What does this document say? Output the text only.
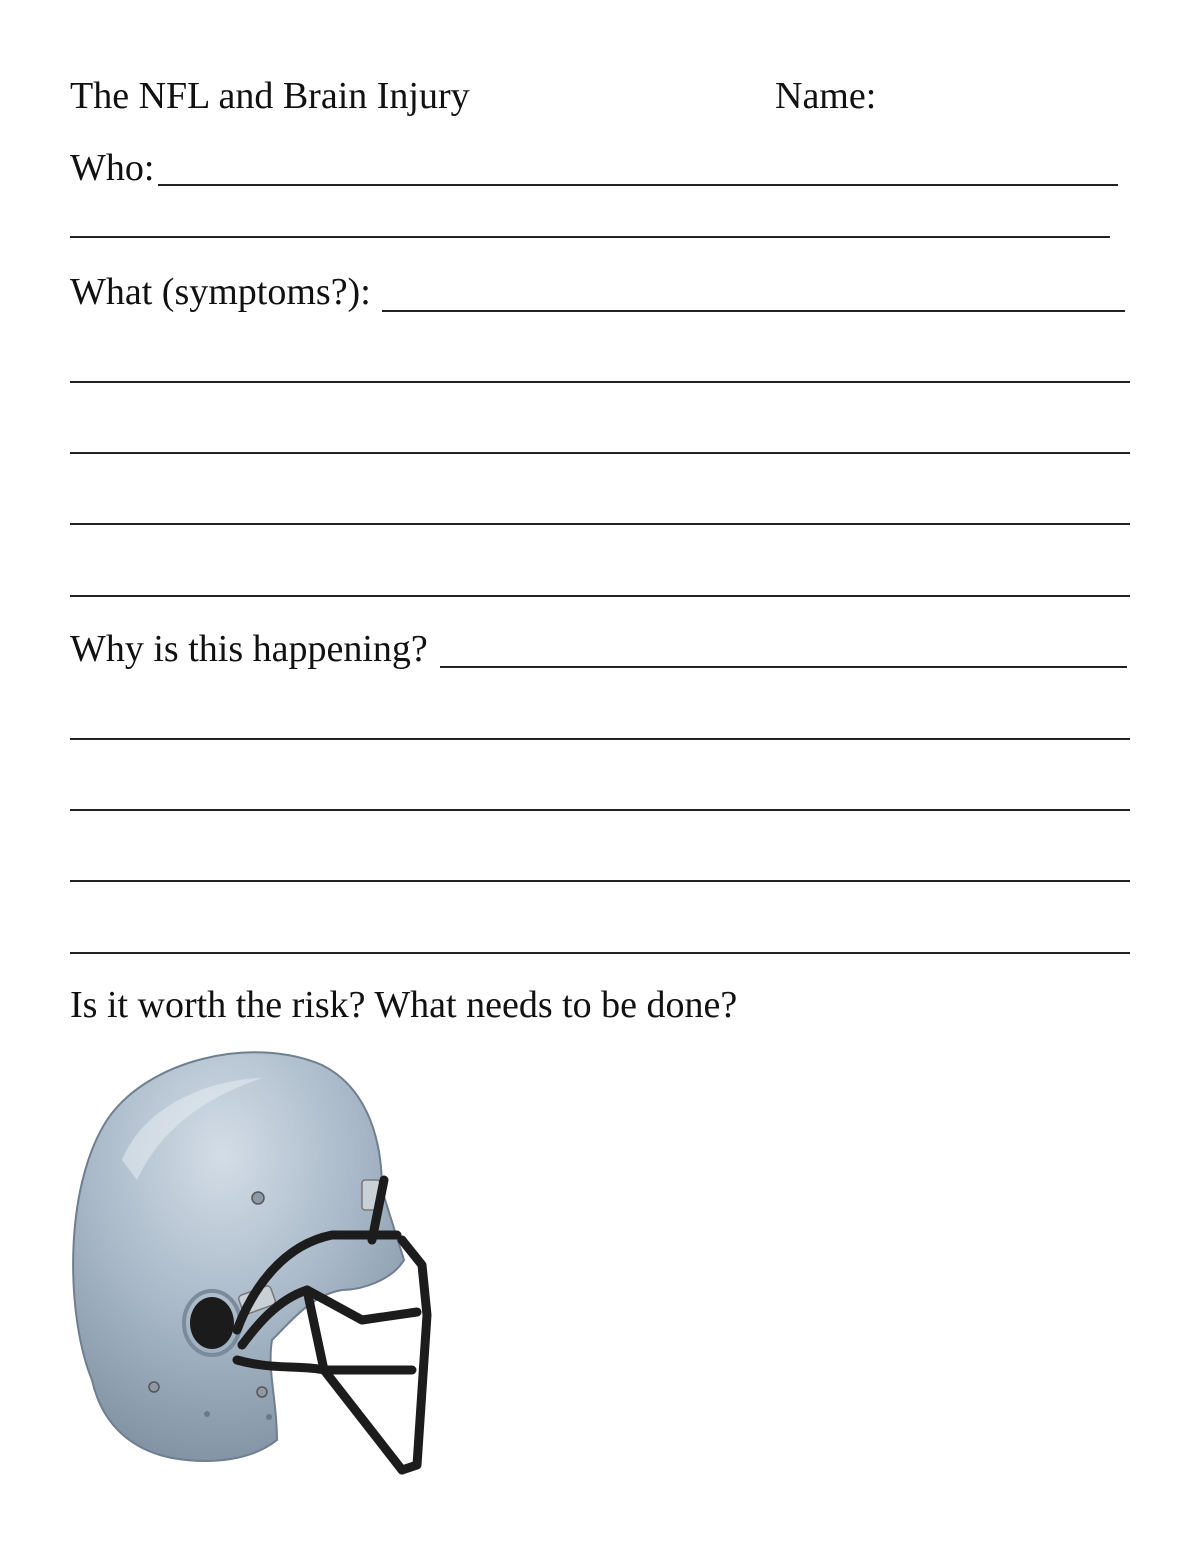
The NFL and Brain Injury	Name:
Who:
What (symptoms?):
Why is this happening?
Is it worth the risk? What needs to be done?
